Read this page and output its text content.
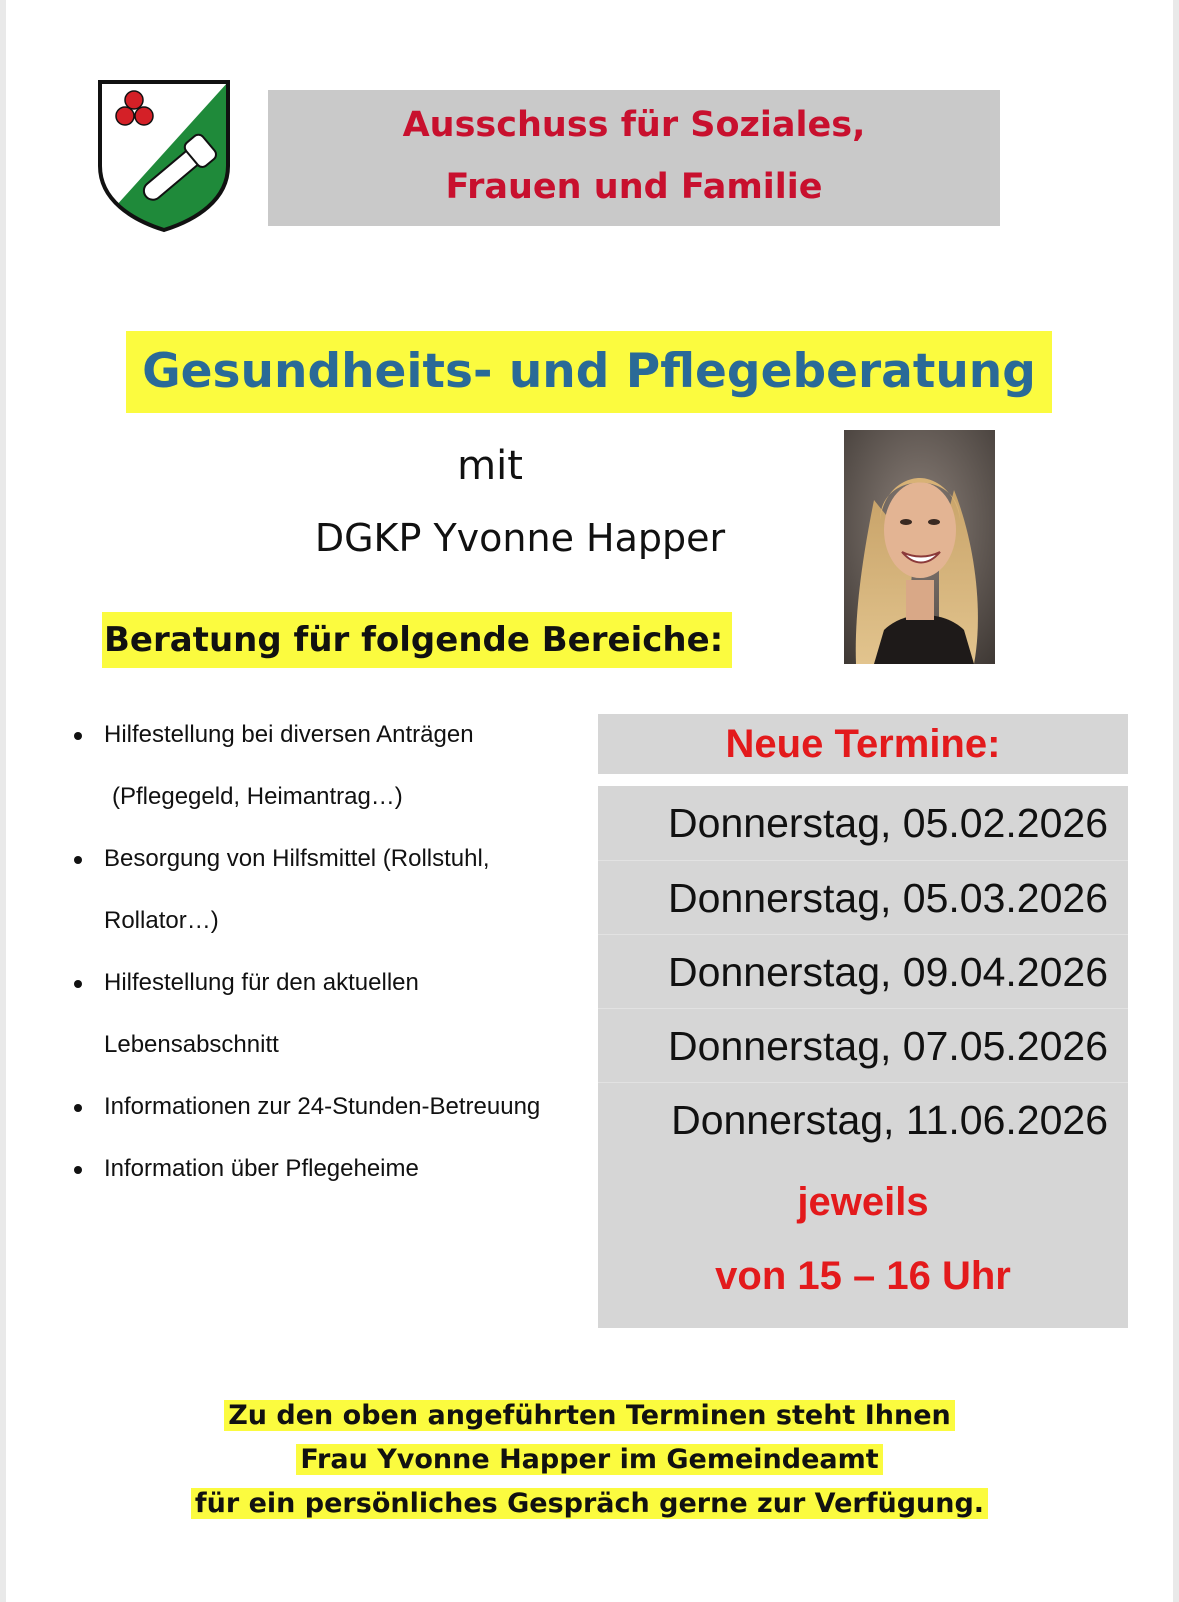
Ausschuss für Soziales,
Frauen und Familie
Gesundheits- und Pflegeberatung
mit
DGKP Yvonne Happer
Beratung für folgende Bereiche:
Hilfestellung bei diversen Anträgen
(Pflegegeld, Heimantrag…)
Besorgung von Hilfsmittel (Rollstuhl,
Rollator…)
Hilfestellung für den aktuellen
Lebensabschnitt
Informationen zur 24-Stunden-Betreuung
Information über Pflegeheime
Neue Termine:
Donnerstag, 05.02.2026
Donnerstag, 05.03.2026
Donnerstag, 09.04.2026
Donnerstag, 07.05.2026
Donnerstag, 11.06.2026
jeweils
von 15 – 16 Uhr
Zu den oben angeführten Terminen steht Ihnen
Frau Yvonne Happer im Gemeindeamt
für ein persönliches Gespräch gerne zur Verfügung.
